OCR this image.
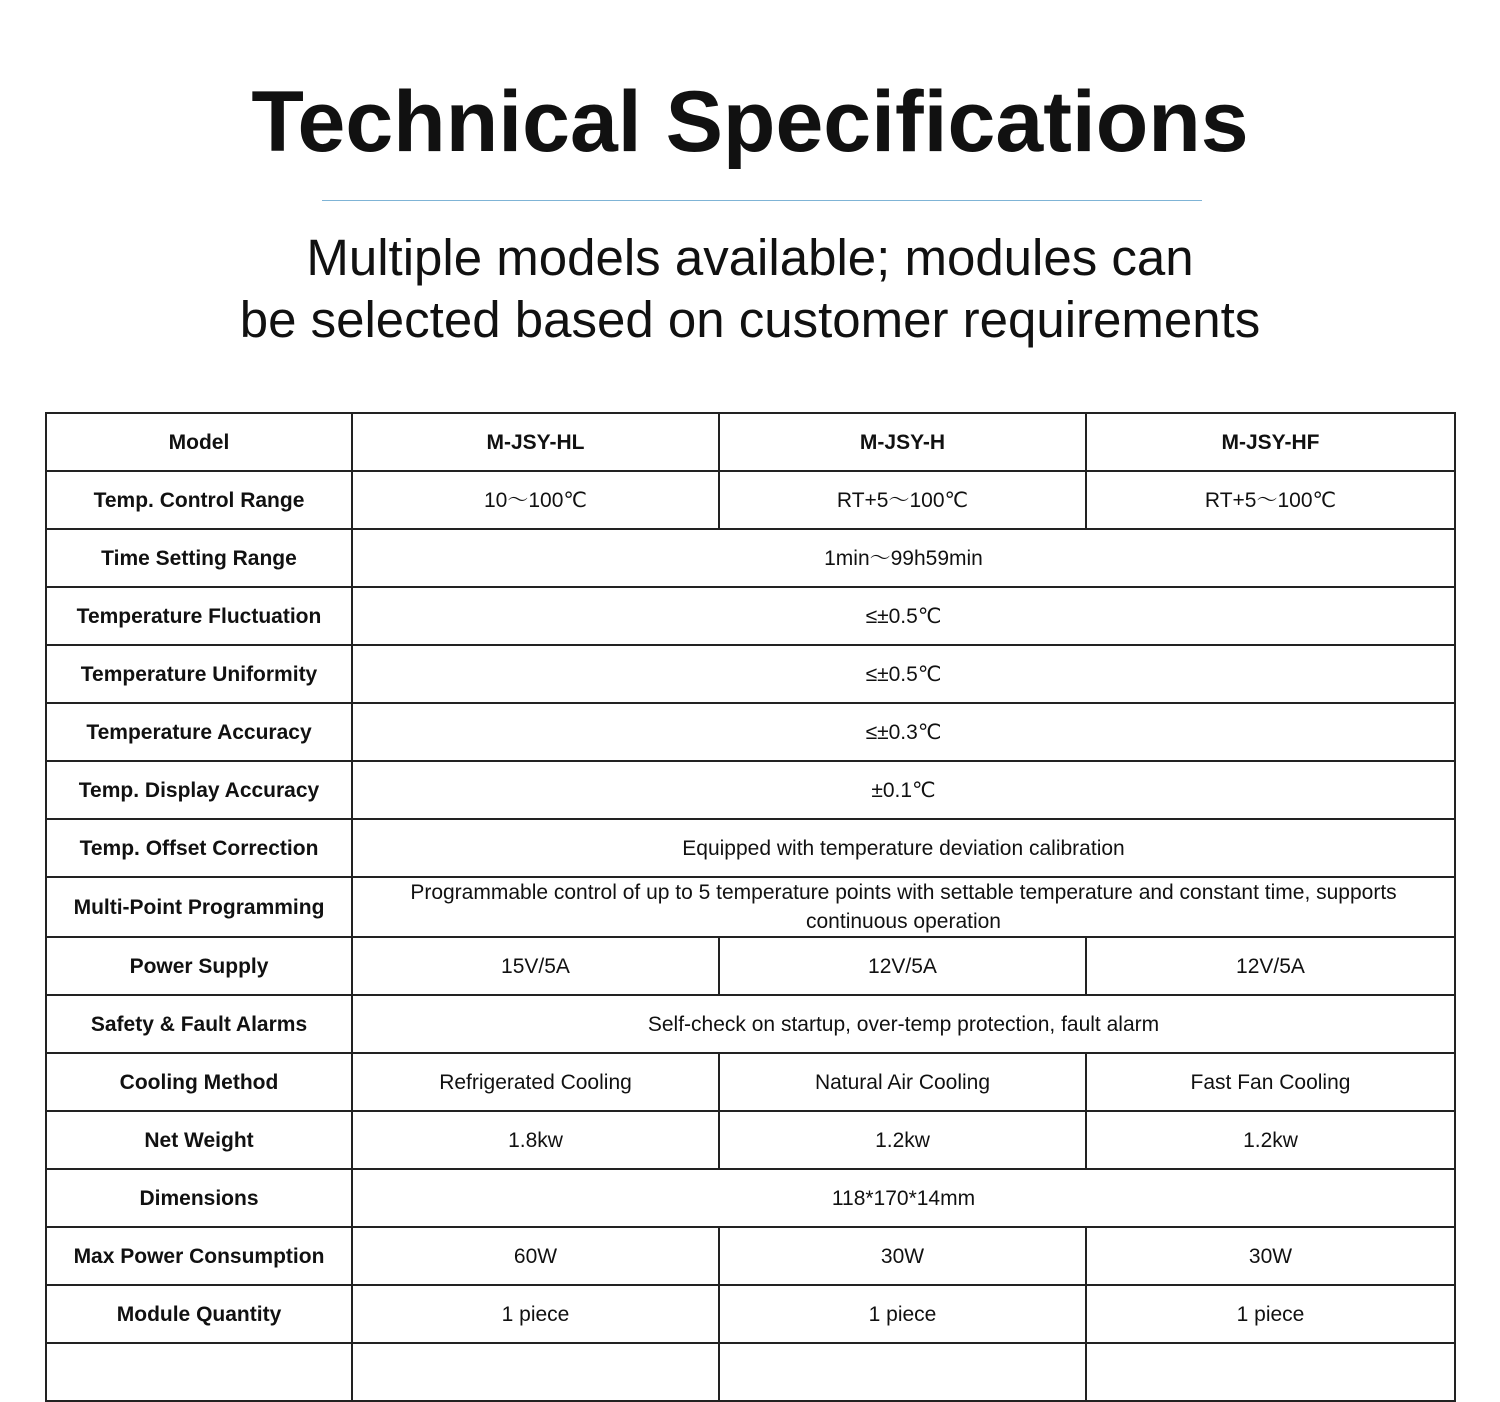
Technical Specifications

Multiple models available; modules can
be selected based on customer requirements

Model	M-JSY-HL	M-JSY-H	M-JSY-HF
Temp. Control Range	10～100℃	RT+5～100℃	RT+5～100℃
Time Setting Range	1min～99h59min		
Temperature Fluctuation	≤±0.5℃		
Temperature Uniformity	≤±0.5℃		
Temperature Accuracy	≤±0.3℃		
Temp. Display Accuracy	±0.1℃		
Temp. Offset Correction	Equipped with temperature deviation calibration		
Multi-Point Programming	Programmable control of up to 5 temperature points with settable temperature and constant time, supports continuous operation		
Power Supply	15V/5A	12V/5A	12V/5A
Safety & Fault Alarms	Self-check on startup, over-temp protection, fault alarm		
Cooling Method	Refrigerated Cooling	Natural Air Cooling	Fast Fan Cooling
Net Weight	1.8kw	1.2kw	1.2kw
Dimensions	118*170*14mm		
Max Power Consumption	60W	30W	30W
Module Quantity	1 piece	1 piece	1 piece
